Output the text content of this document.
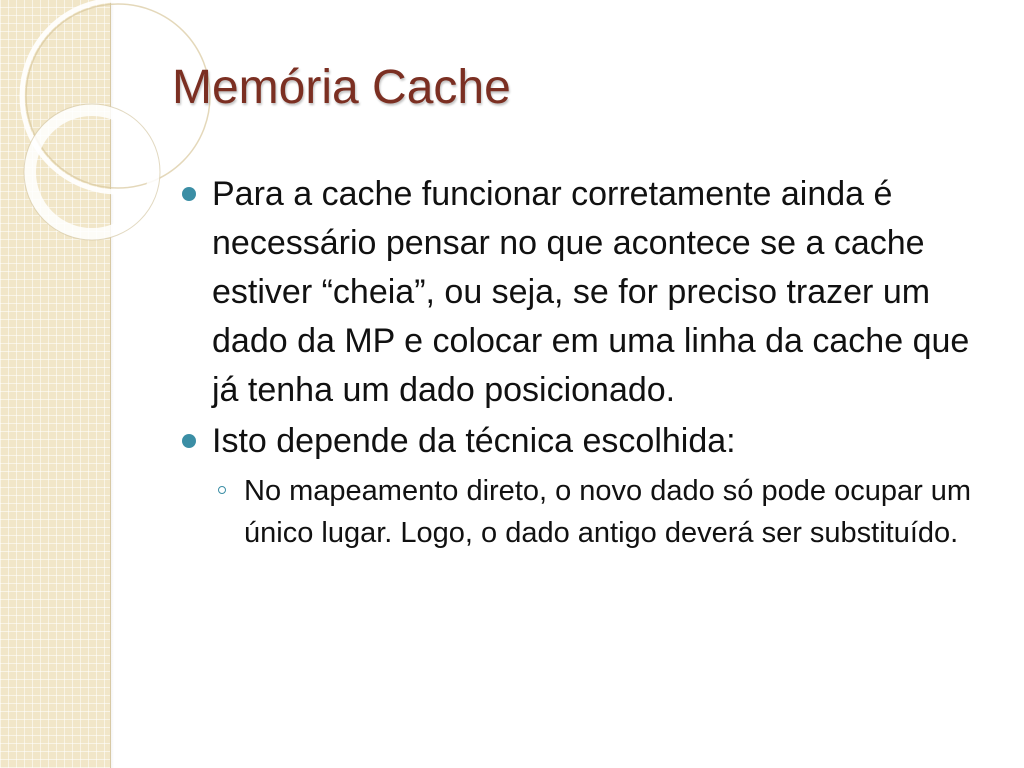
Memória Cache
Para a cache funcionar corretamente ainda é necessário pensar no que acontece se a cache estiver “cheia”, ou seja, se for preciso trazer um dado da MP e colocar em uma linha da cache que já tenha um dado posicionado.
Isto depende da técnica escolhida:
No mapeamento direto, o novo dado só pode ocupar um único lugar. Logo, o dado antigo deverá ser substituído.
